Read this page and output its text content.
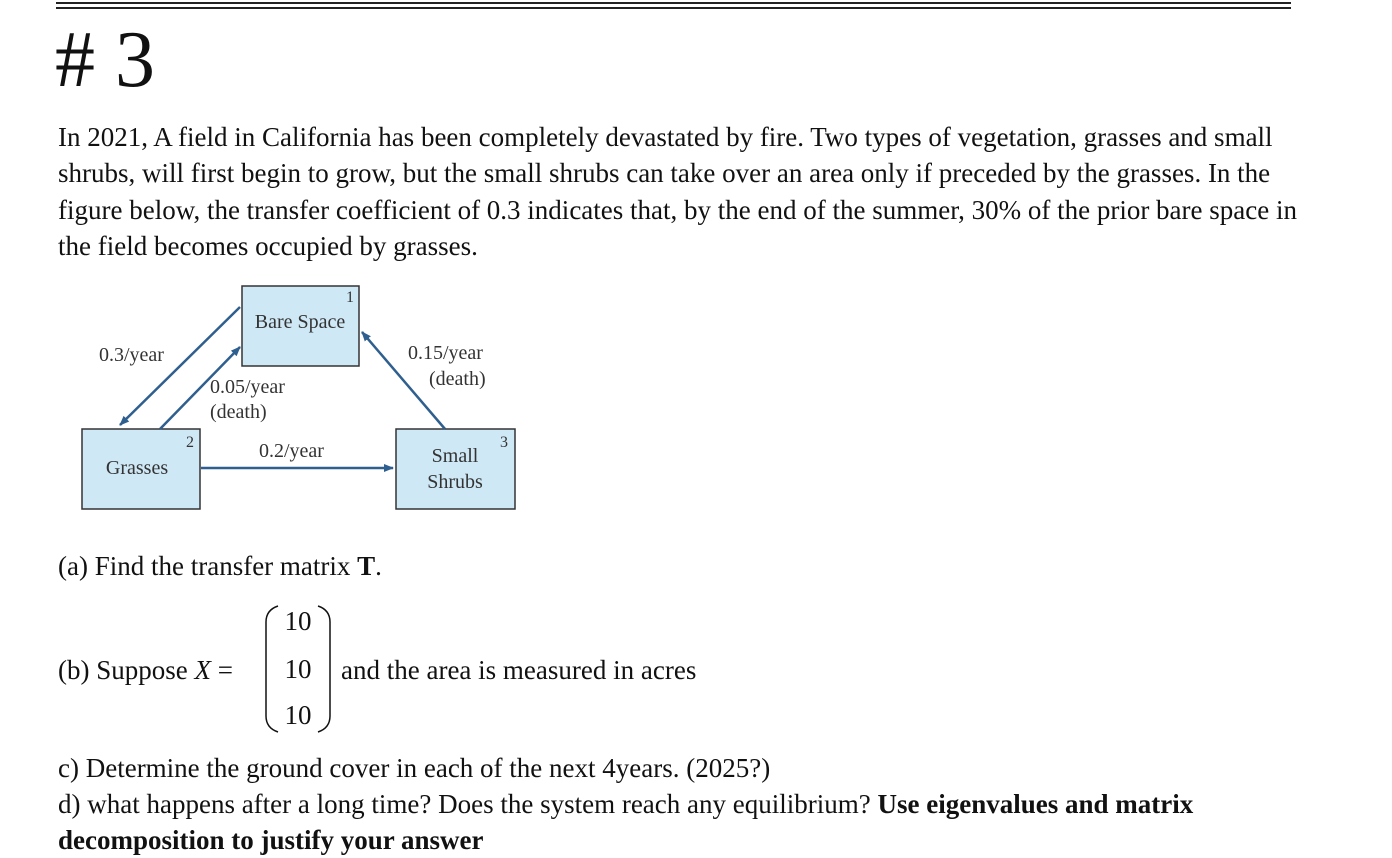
# 3

In 2021, A field in California has been completely devastated by fire. Two types of vegetation, grasses and small shrubs, will first begin to grow, but the small shrubs can take over an area only if preceded by the grasses. In the figure below, the transfer coefficient of 0.3 indicates that, by the end of the summer, 30% of the prior bare space in the field becomes occupied by grasses.

Bare Space
1
Grasses
2
Small
Shrubs
3
0.3/year
0.05/year
(death)
0.15/year
(death)
0.2/year

(a) Find the transfer matrix T.

(b) Suppose X =

10
10
10

and the area is measured in acres

c) Determine the ground cover in each of the next 4years. (2025?)
d) what happens after a long time? Does the system reach any equilibrium? Use eigenvalues and matrix decomposition to justify your answer
